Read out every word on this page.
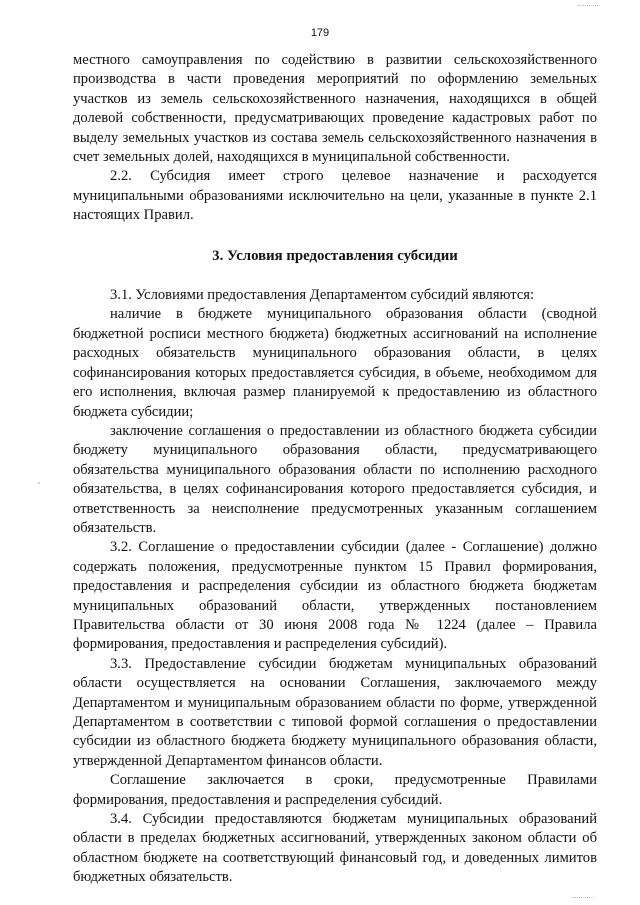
179

местного самоуправления по содействию в развитии сельскохозяйственного производства в части проведения мероприятий по оформлению земельных участков из земель сельскохозяйственного назначения, находящихся в общей долевой собственности, предусматривающих проведение кадастровых работ по выделу земельных участков из состава земель сельскохозяйственного назначения в счет земельных долей, находящихся в муниципальной собственности.

2.2. Субсидия имеет строго целевое назначение и расходуется муниципальными образованиями исключительно на цели, указанные в пункте 2.1 настоящих Правил.

3. Условия предоставления субсидии

3.1. Условиями предоставления Департаментом субсидий являются:

наличие в бюджете муниципального образования области (сводной бюджетной росписи местного бюджета) бюджетных ассигнований на исполнение расходных обязательств муниципального образования области, в целях софинансирования которых предоставляется субсидия, в объеме, необходимом для его исполнения, включая размер планируемой к предоставлению из областного бюджета субсидии;

заключение соглашения о предоставлении из областного бюджета субсидии бюджету муниципального образования области, предусматривающего обязательства муниципального образования области по исполнению расходного обязательства, в целях софинансирования которого предоставляется субсидия, и ответственность за неисполнение предусмотренных указанным соглашением обязательств.

3.2. Соглашение о предоставлении субсидии (далее - Соглашение) должно содержать положения, предусмотренные пунктом 15 Правил формирования, предоставления и распределения субсидии из областного бюджета бюджетам муниципальных образований области, утвержденных постановлением Правительства области от 30 июня 2008 года № 1224 (далее – Правила формирования, предоставления и распределения субсидий).

3.3. Предоставление субсидии бюджетам муниципальных образований области осуществляется на основании Соглашения, заключаемого между Департаментом и муниципальным образованием области по форме, утвержденной Департаментом в соответствии с типовой формой соглашения о предоставлении субсидии из областного бюджета бюджету муниципального образования области, утвержденной Департаментом финансов области.

Соглашение заключается в сроки, предусмотренные Правилами формирования, предоставления и распределения субсидий.

3.4. Субсидии предоставляются бюджетам муниципальных образований области в пределах бюджетных ассигнований, утвержденных законом области об областном бюджете на соответствующий финансовый год, и доведенных лимитов бюджетных обязательств.
